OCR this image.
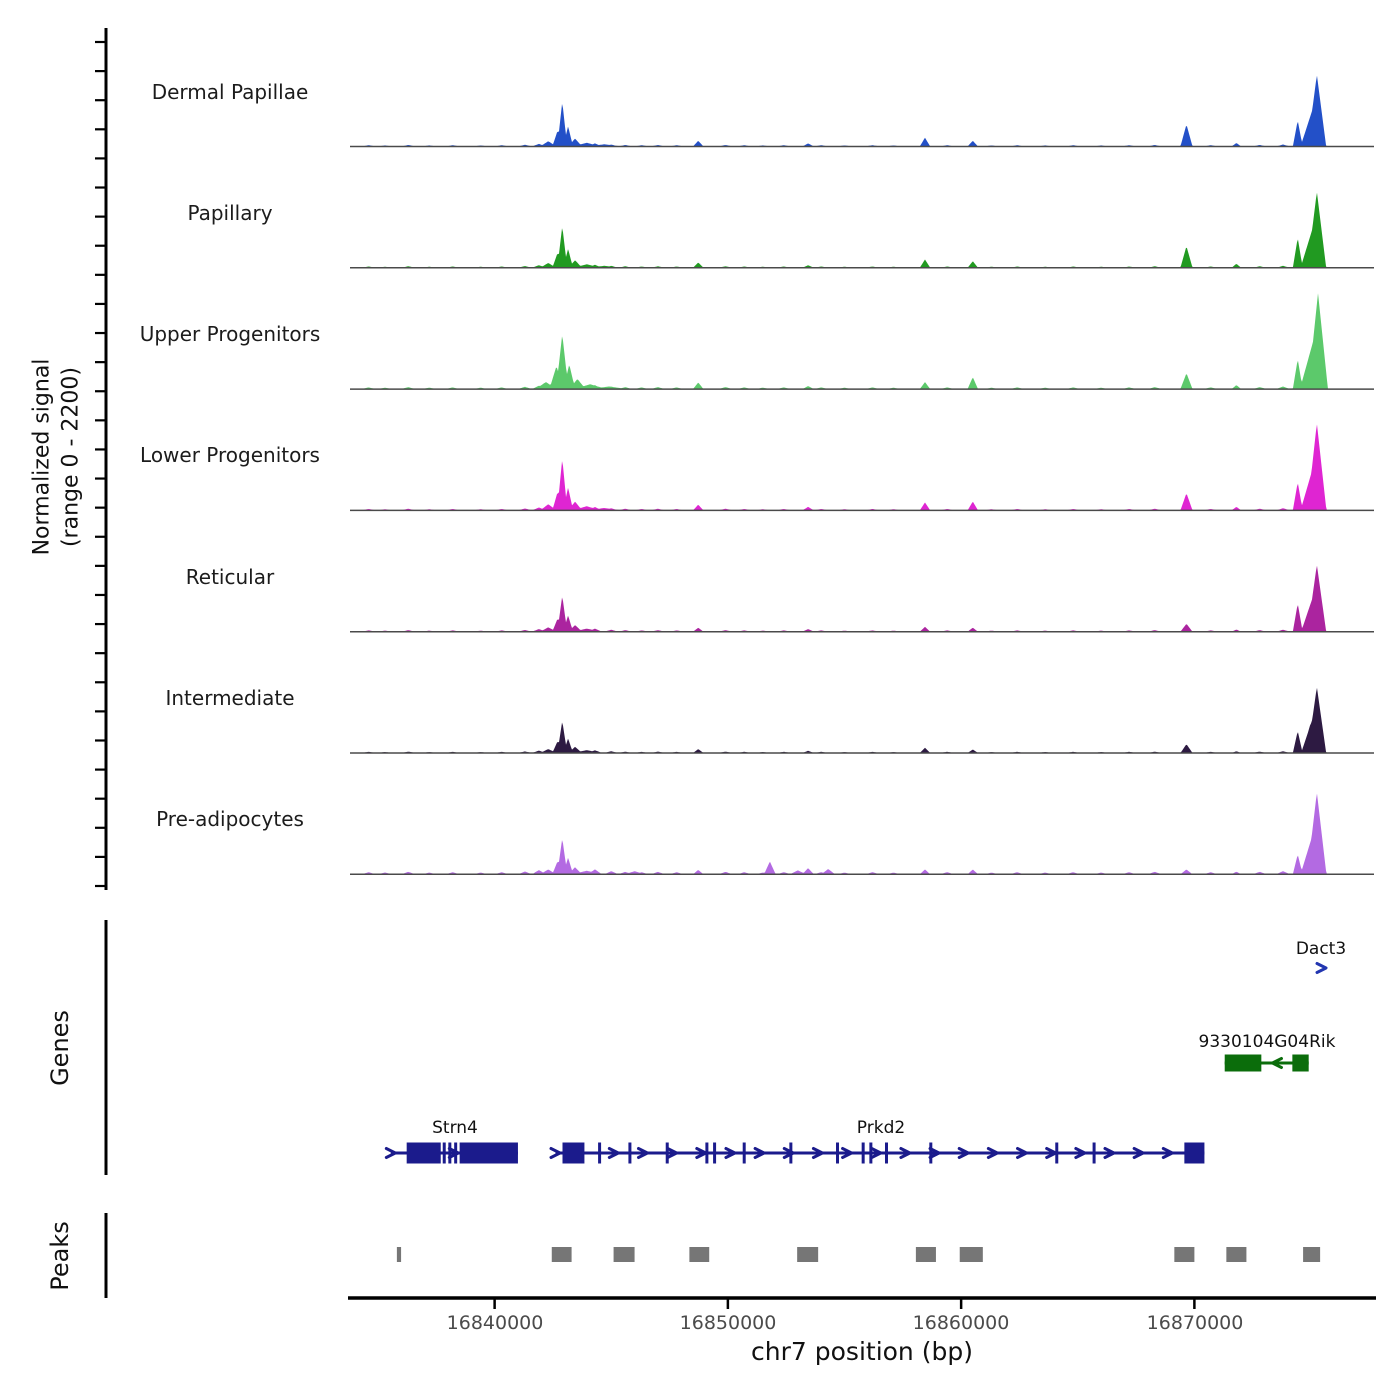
Normalized signal (range 0 - 2200)
Dermal Papillae
Papillary
Upper Progenitors
Lower Progenitors
Reticular
Intermediate
Pre-adipocytes
Genes
Peaks
Dact3
9330104G04Rik
Strn4	Prkd2
16840000	16850000	16860000	16870000
chr7 position (bp)
